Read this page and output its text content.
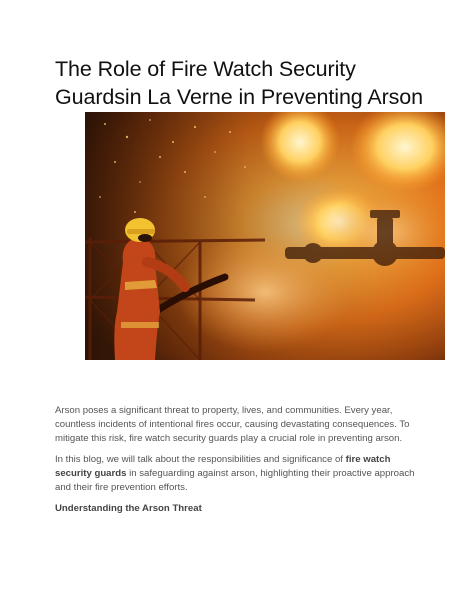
The Role of Fire Watch Security Guardsin La Verne in Preventing Arson

Arson poses a significant threat to property, lives, and communities. Every year, countless incidents of intentional fires occur, causing devastating consequences. To mitigate this risk, fire watch security guards play a crucial role in preventing arson.

In this blog, we will talk about the responsibilities and significance of fire watch security guards in safeguarding against arson, highlighting their proactive approach and their fire prevention efforts.

Understanding the Arson Threat
